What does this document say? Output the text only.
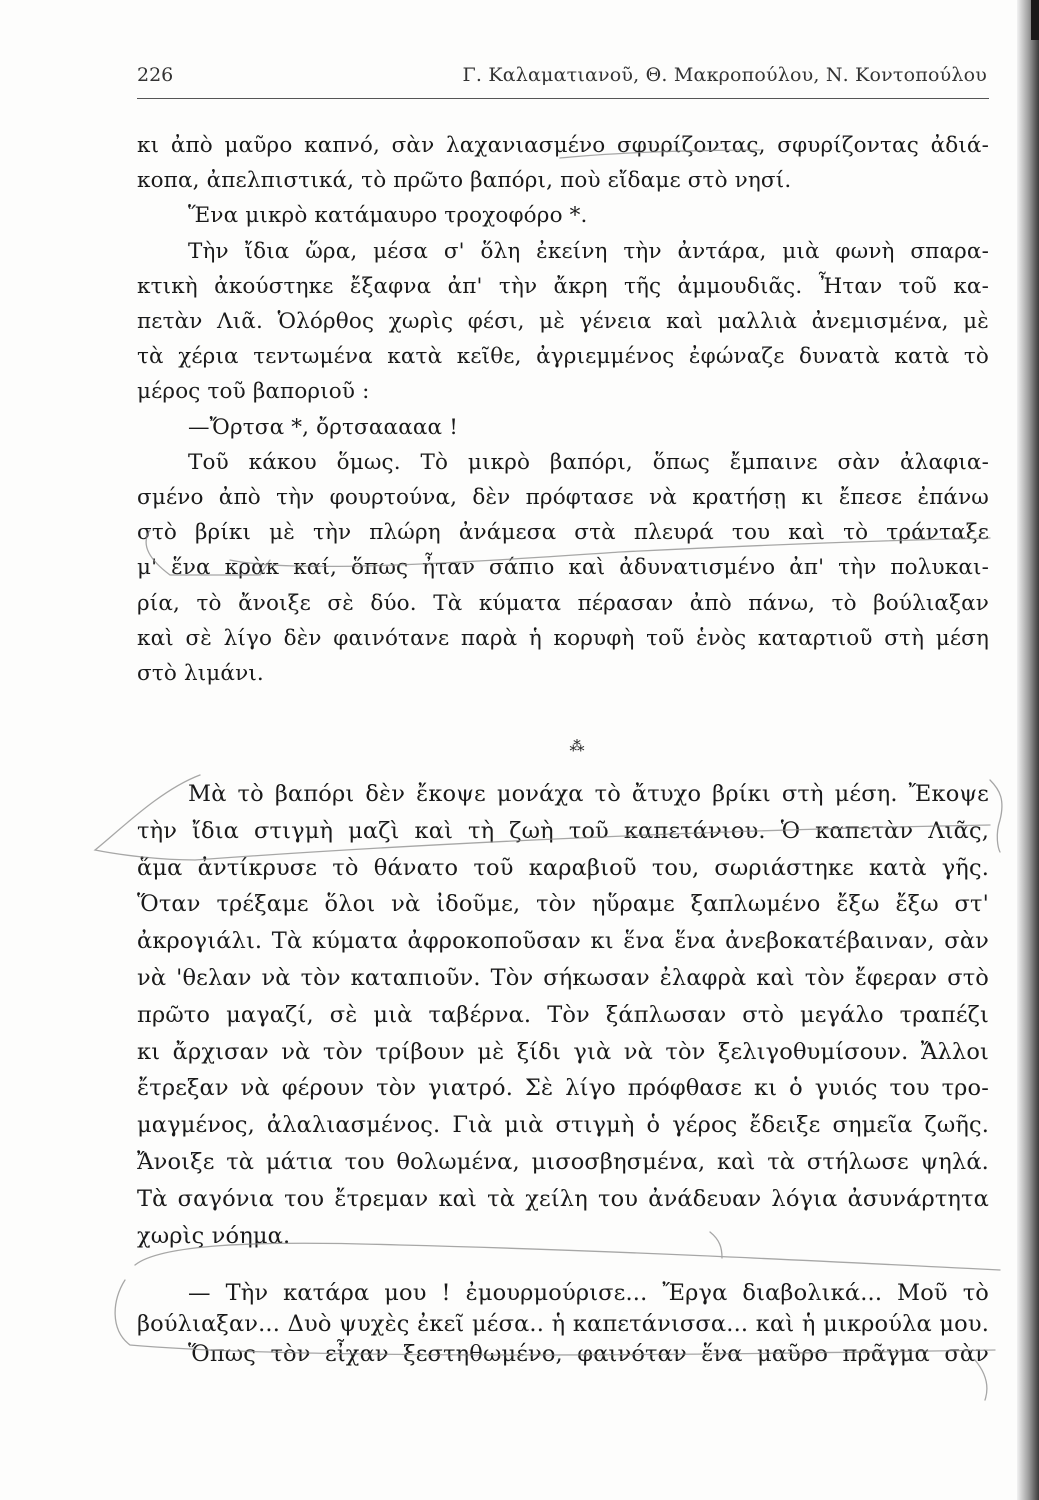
226	Γ. Καλαματιανοῦ, Θ. Μακροπούλου, Ν. Κοντοπούλου

κι ἀπὸ μαῦρο καπνό, σὰν λαχανιασμένο σφυρίζοντας, σφυρίζοντας ἀδιά-

κοπα, ἀπελπιστικά, τὸ πρῶτο βαπόρι, ποὺ εἴδαμε στὸ νησί.

Ἕνα μικρὸ κατάμαυρο τροχοφόρο *.

Τὴν ἴδια ὥρα, μέσα σ' ὅλη ἐκείνη τὴν ἀντάρα, μιὰ φωνὴ σπαρα-

κτικὴ ἀκούστηκε ἔξαφνα ἀπ' τὴν ἄκρη τῆς ἀμμουδιᾶς. Ἦταν τοῦ κα-

πετὰν Λιᾶ. Ὁλόρθος χωρὶς φέσι, μὲ γένεια καὶ μαλλιὰ ἀνεμισμένα, μὲ

τὰ χέρια τεντωμένα κατὰ κεῖθε, ἀγριεμμένος ἐφώναζε δυνατὰ κατὰ τὸ

μέρος τοῦ βαποριοῦ :

—Ὄρτσα *, ὄρτσααααα !

Τοῦ κάκου ὅμως. Τὸ μικρὸ βαπόρι, ὅπως ἔμπαινε σὰν ἀλαφια-

σμένο ἀπὸ τὴν φουρτούνα, δὲν πρόφτασε νὰ κρατήσῃ κι ἔπεσε ἐπάνω

στὸ βρίκι μὲ τὴν πλώρη ἀνάμεσα στὰ πλευρά του καὶ τὸ τράνταξε

μ' ἕνα κρὰκ καί, ὅπως ἦταν σάπιο καὶ ἀδυνατισμένο ἀπ' τὴν πολυκαι-

ρία, τὸ ἄνοιξε σὲ δύο. Τὰ κύματα πέρασαν ἀπὸ πάνω, τὸ βούλιαξαν

καὶ σὲ λίγο δὲν φαινότανε παρὰ ἡ κορυφὴ τοῦ ἑνὸς καταρτιοῦ στὴ μέση

στὸ λιμάνι.

⁂

Μὰ τὸ βαπόρι δὲν ἔκοψε μονάχα τὸ ἄτυχο βρίκι στὴ μέση. Ἔκοψε

τὴν ἴδια στιγμὴ μαζὶ καὶ τὴ ζωὴ τοῦ καπετάνιου. Ὁ καπετὰν Λιᾶς,

ἅμα ἀντίκρυσε τὸ θάνατο τοῦ καραβιοῦ του, σωριάστηκε κατὰ γῆς.

Ὅταν τρέξαμε ὅλοι νὰ ἰδοῦμε, τὸν ηὕραμε ξαπλωμένο ἔξω ἔξω στ'

ἀκρογιάλι. Τὰ κύματα ἀφροκοποῦσαν κι ἕνα ἕνα ἀνεβοκατέβαιναν, σὰν

νὰ 'θελαν νὰ τὸν καταπιοῦν. Τὸν σήκωσαν ἐλαφρὰ καὶ τὸν ἔφεραν στὸ

πρῶτο μαγαζί, σὲ μιὰ ταβέρνα. Τὸν ξάπλωσαν στὸ μεγάλο τραπέζι

κι ἄρχισαν νὰ τὸν τρίβουν μὲ ξίδι γιὰ νὰ τὸν ξελιγοθυμίσουν. Ἄλλοι

ἔτρεξαν νὰ φέρουν τὸν γιατρό. Σὲ λίγο πρόφθασε κι ὁ γυιός του τρο-

μαγμένος, ἀλαλιασμένος. Γιὰ μιὰ στιγμὴ ὁ γέρος ἔδειξε σημεῖα ζωῆς.

Ἄνοιξε τὰ μάτια του θολωμένα, μισοσβησμένα, καὶ τὰ στήλωσε ψηλά.

Τὰ σαγόνια του ἔτρεμαν καὶ τὰ χείλη του ἀνάδευαν λόγια ἀσυνάρτητα

χωρὶς νόημα.

— Τὴν κατάρα μου ! ἐμουρμούρισε... Ἔργα διαβολικά... Μοῦ τὸ

βούλιαξαν... Δυὸ ψυχὲς ἐκεῖ μέσα.. ἡ καπετάνισσα... καὶ ἡ μικρούλα μου.

Ὅπως τὸν εἶχαν ξεστηθωμένο, φαινόταν ἕνα μαῦρο πρᾶγμα σὰν
